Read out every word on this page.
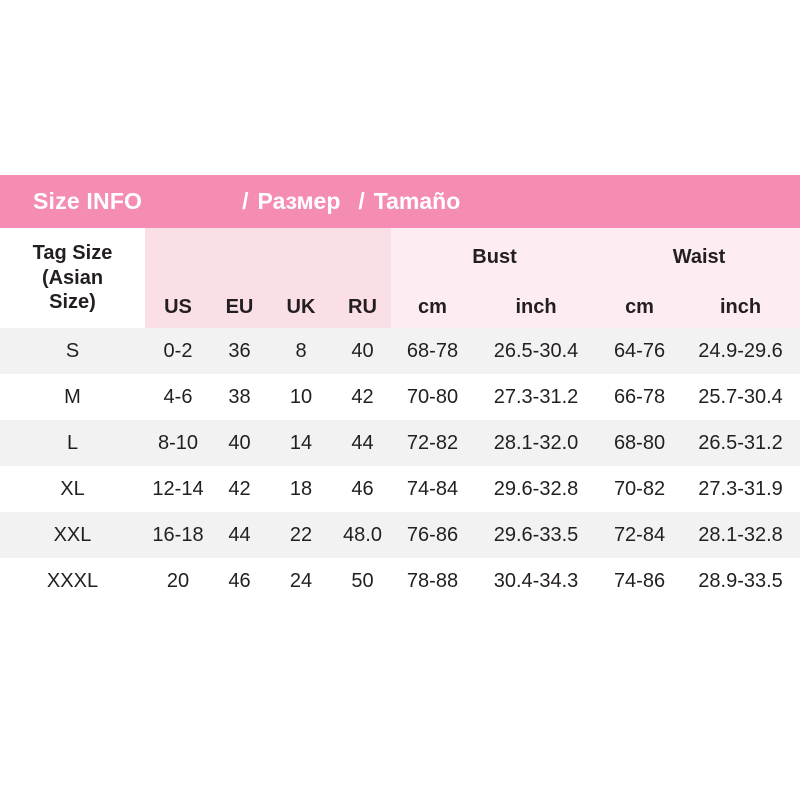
Size INFO	/ Размер / Tamaño
Tag Size
(Asian
Size)					Bust		Waist	
	US	EU	UK	RU	cm	inch	cm	inch
S	0-2	36	8	40	68-78	26.5-30.4	64-76	24.9-29.6
M	4-6	38	10	42	70-80	27.3-31.2	66-78	25.7-30.4
L	8-10	40	14	44	72-82	28.1-32.0	68-80	26.5-31.2
XL	12-14	42	18	46	74-84	29.6-32.8	70-82	27.3-31.9
XXL	16-18	44	22	48.0	76-86	29.6-33.5	72-84	28.1-32.8
XXXL	20	46	24	50	78-88	30.4-34.3	74-86	28.9-33.5
